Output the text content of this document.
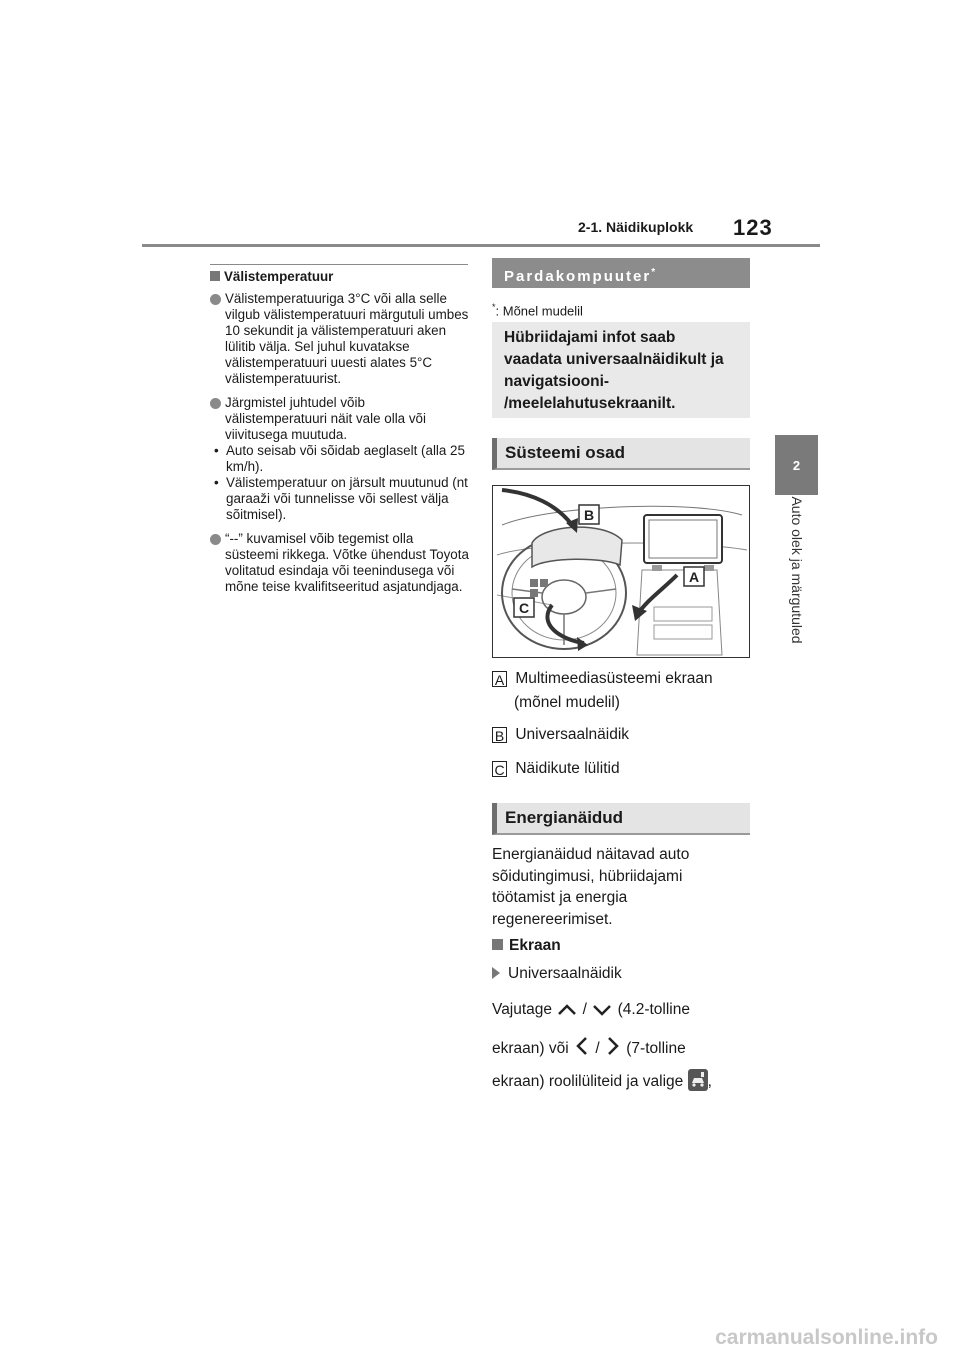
2-1. Näidikuplokk 123
2
Auto olek ja märgutuled
Välistemperatuur
Välistemperatuuriga 3°C või alla selle vilgub välistemperatuuri märgutuli umbes 10 sekundit ja välistemperatuuri aken lülitib välja. Sel juhul kuvatakse välistemperatuuri uuesti alates 5°C välistemperatuurist.
Järgmistel juhtudel võib välistemperatuuri näit vale olla või viivitusega muutuda.
• Auto seisab või sõidab aeglaselt (alla 25 km/h).
• Välistemperatuur on järsult muutunud (nt garaaži või tunnelisse või sellest välja sõitmisel).
“--” kuvamisel võib tegemist olla süsteemi rikkega. Võtke ühendust Toyota volitatud esindaja või teenindusega või mõne teise kvalifitseeritud asjatundjaga.
Pardakompuuter*
*: Mõnel mudelil
Hübriidajami infot saab
vaadata universaalnäidikult ja
navigatsiooni-
/meelelahutusekraanilt.
Süsteemi osad
B
A
C
A Multimeediasüsteemi ekraan
(mõnel mudelil)
B Universaalnäidik
C Näidikute lülitid
Energianäidud
Energianäidud näitavad auto
sõidutingimusi, hübriidajami
töötamist ja energia
regenereerimiset.
Ekraan
Universaalnäidik
Vajutage / (4.2-tolline
ekraan) või / (7-tolline
ekraan) roolilüliteid ja valige ,
carmanualsonline.info
